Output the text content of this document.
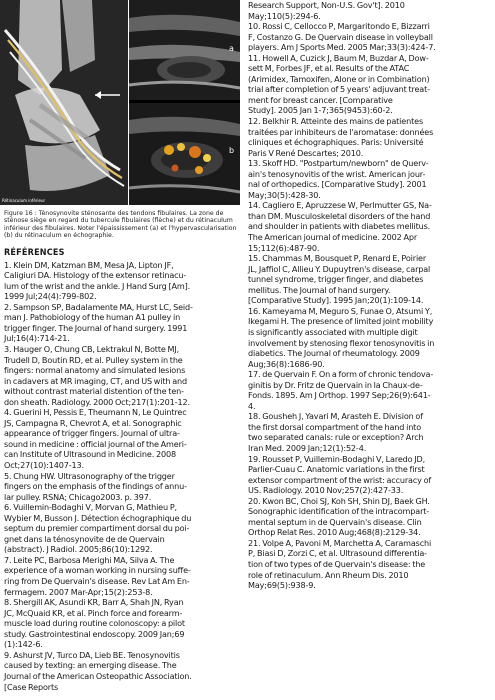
Rétinaculum inférieur
a
b

Figure 16 : Ténosynovite sténosante des tendons fibulaires. La zone de sténose siège en regard du tubercule fibulaires (flèche) et du rétinaculum inférieur des fibulaires. Noter l'épaississement (a) et l'hypervascularisation (b) du rétinaculum en échographie.

RÉFÉRENCES
1. Klein DM, Katzman BM, Mesa JA, Lipton JF,
Caligiuri DA. Histology of the extensor retinacu-
lum of the wrist and the ankle. J Hand Surg [Am].
1999 Jul;24(4):799-802.
2. Sampson SP, Badalamente MA, Hurst LC, Seid-
man J. Pathobiology of the human A1 pulley in
trigger finger. The Journal of hand surgery. 1991
Jul;16(4):714-21.
3. Hauger O, Chung CB, Lektrakul N, Botte MJ,
Trudell D, Boutin RD, et al. Pulley system in the
fingers: normal anatomy and simulated lesions
in cadavers at MR imaging, CT, and US with and
without contrast material distention of the ten-
don sheath. Radiology. 2000 Oct;217(1):201-12.
4. Guerini H, Pessis E, Theumann N, Le Quintrec
JS, Campagna R, Chevrot A, et al. Sonographic
appearance of trigger fingers. Journal of ultra-
sound in medicine : official journal of the Ameri-
can Institute of Ultrasound in Medicine. 2008
Oct;27(10):1407-13.
5. Chung HW. Ultrasonography of the trigger
fingers on the emphasis of the findings of annu-
lar pulley. RSNA; Chicago2003. p. 397.
6. Vuillemin-Bodaghi V, Morvan G, Mathieu P,
Wybier M, Busson J. Détection échographique du
septum du premier compartiment dorsal du poi-
gnet dans la ténosynovite de de Quervain
(abstract). J Radiol. 2005;86(10):1292.
7. Leite PC, Barbosa Merighi MA, Silva A. The
experience of a woman working in nursing suffe-
ring from De Quervain's disease. Rev Lat Am En-
fermagem. 2007 Mar-Apr;15(2):253-8.
8. Shergill AK, Asundi KR, Barr A, Shah JN, Ryan
JC, McQuaid KR, et al. Pinch force and forearm-
muscle load during routine colonoscopy: a pilot
study. Gastrointestinal endoscopy. 2009 Jan;69
(1):142-6.
9. Ashurst JV, Turco DA, Lieb BE. Tenosynovitis
caused by texting: an emerging disease. The
Journal of the American Osteopathic Association.
[Case Reports
Research Support, Non-U.S. Gov't]. 2010
May;110(5):294-6.
10. Rossi C, Cellocco P, Margaritondo E, Bizzarri
F, Costanzo G. De Quervain disease in volleyball
players. Am J Sports Med. 2005 Mar;33(3):424-7.
11. Howell A, Cuzick J, Baum M, Buzdar A, Dow-
sett M, Forbes JF, et al. Results of the ATAC
(Arimidex, Tamoxifen, Alone or in Combination)
trial after completion of 5 years' adjuvant treat-
ment for breast cancer. [Comparative
Study]. 2005 Jan 1-7;365(9453):60-2.
12. Belkhir R. Atteinte des mains de patientes
traitées par inhibiteurs de l'aromatase: données
cliniques et échographiques. Paris: Université
Paris V René Descartes; 2010.
13. Skoff HD. "Postpartum/newborn" de Querv-
ain's tenosynovitis of the wrist. American jour-
nal of orthopedics. [Comparative Study]. 2001
May;30(5):428-30.
14. Cagliero E, Apruzzese W, Perlmutter GS, Na-
than DM. Musculoskeletal disorders of the hand
and shoulder in patients with diabetes mellitus.
The American journal of medicine. 2002 Apr
15;112(6):487-90.
15. Chammas M, Bousquet P, Renard E, Poirier
JL, Jaffiol C, Allieu Y. Dupuytren's disease, carpal
tunnel syndrome, trigger finger, and diabetes
mellitus. The Journal of hand surgery.
[Comparative Study]. 1995 Jan;20(1):109-14.
16. Kameyama M, Meguro S, Funae O, Atsumi Y,
Ikegami H. The presence of limited joint mobility
is significantly associated with multiple digit
involvement by stenosing flexor tenosynovitis in
diabetics. The Journal of rheumatology. 2009
Aug;36(8):1686-90.
17. de Quervain F. On a form of chronic tendova-
ginitis by Dr. Fritz de Quervain in la Chaux-de-
Fonds. 1895. Am J Orthop. 1997 Sep;26(9):641-
4.
18. Gousheh J, Yavari M, Arasteh E. Division of
the first dorsal compartment of the hand into
two separated canals: rule or exception? Arch
Iran Med. 2009 Jan;12(1):52-4.
19. Rousset P, Vuillemin-Bodaghi V, Laredo JD,
Parlier-Cuau C. Anatomic variations in the first
extensor compartment of the wrist: accuracy of
US. Radiology. 2010 Nov;257(2):427-33.
20. Kwon BC, Choi SJ, Koh SH, Shin DJ, Baek GH.
Sonographic identification of the intracompart-
mental septum in de Quervain's disease. Clin
Orthop Relat Res. 2010 Aug;468(8):2129-34.
21. Volpe A, Pavoni M, Marchetta A, Caramaschi
P, Biasi D, Zorzi C, et al. Ultrasound differentia-
tion of two types of de Quervain's disease: the
role of retinaculum. Ann Rheum Dis. 2010
May;69(5):938-9.
